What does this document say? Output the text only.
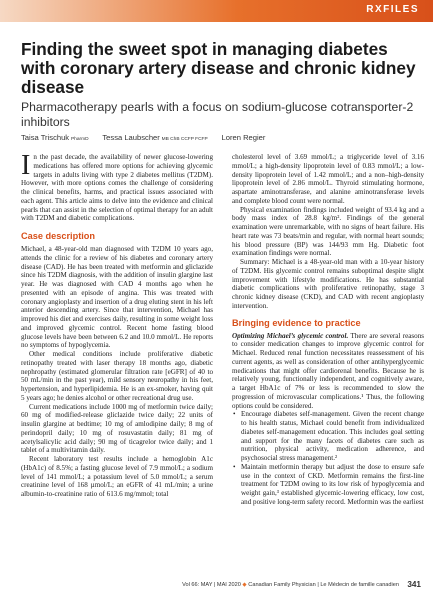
RXFILES
Finding the sweet spot in managing diabetes with coronary artery disease and chronic kidney disease

Pharmacotherapy pearls with a focus on sodium-glucose cotransporter-2 inhibitors

Taisa Trischuk PharmD Tessa Laubscher MB ChB CCFP FCFP Loren Regier

In the past decade, the availability of newer glucose-lowering medications has offered more options for achieving glycemic targets in adults living with type 2 diabetes mellitus (T2DM). However, with more options comes the challenge of considering the clinical benefits, harms, and practical issues associated with each agent. This article aims to delve into the evidence and clinical pearls that can assist in the selection of optimal therapy for an adult with T2DM and diabetic complications.

Case description

Michael, a 48-year-old man diagnosed with T2DM 10 years ago, attends the clinic for a review of his diabetes and coronary artery disease (CAD). He has been treated with metformin and gliclazide since his T2DM diagnosis, with the addition of insulin glargine last year. He was diagnosed with CAD 4 months ago when he presented with an episode of angina. This was treated with coronary angioplasty and insertion of a drug eluting stent in his left anterior descending artery. Since that intervention, Michael has improved his diet and exercises daily, resulting in some weight loss and improved glycemic control. Recent home fasting blood glucose levels have been between 6.2 and 10.0 mmol/L. He reports no symptoms of hypoglycemia.

Other medical conditions include proliferative diabetic retinopathy treated with laser therapy 18 months ago, diabetic nephropathy (estimated glomerular filtration rate [eGFR] of 40 to 50 mL/min in the past year), mild sensory neuropathy in his feet, hypertension, and hyperlipidemia. He is an ex-smoker, having quit 5 years ago; he denies alcohol or other recreational drug use.

Current medications include 1000 mg of metformin twice daily; 60 mg of modified-release gliclazide twice daily; 22 units of insulin glargine at bedtime; 10 mg of amlodipine daily; 8 mg of perindopril daily; 10 mg of rosuvastatin daily; 81 mg of acetylsalicylic acid daily; 90 mg of ticagrelor twice daily; and 1 tablet of a multivitamin daily.

Recent laboratory test results include a hemoglobin A1c (HbA1c) of 8.5%; a fasting glucose level of 7.9 mmol/L; a sodium level of 141 mmol/L; a potassium level of 5.0 mmol/L; a serum creatinine level of 168 µmol/L; an eGFR of 41 mL/min; a urine albumin-to-creatinine ratio of 613.6 mg/mmol; total

cholesterol level of 3.69 mmol/L; a triglyceride level of 3.16 mmol/L; a high-density lipoprotein level of 0.83 mmol/L; a low-density lipoprotein level of 1.42 mmol/L; and a non–high-density lipoprotein level of 2.86 mmol/L. Thyroid stimulating hormone, aspartate aminotransferase, and alanine aminotransferase levels and complete blood count were normal.

Physical examination findings included weight of 93.4 kg and a body mass index of 28.8 kg/m². Findings of the general examination were unremarkable, with no signs of heart failure. His heart rate was 73 beats/min and regular, with normal heart sounds; his blood pressure (BP) was 144/93 mm Hg. Diabetic foot examination findings were normal.

Summary: Michael is a 48-year-old man with a 10-year history of T2DM. His glycemic control remains suboptimal despite slight improvement with lifestyle modifications. He has substantial diabetic complications with proliferative retinopathy, stage 3 chronic kidney disease (CKD), and CAD with recent angioplasty intervention.

Bringing evidence to practice

Optimizing Michael’s glycemic control. There are several reasons to consider medication changes to improve glycemic control for Michael. Reduced renal function necessitates reassessment of his current agents, as well as consideration of other antihyperglycemic medications that might offer cardiorenal benefits. Because he is relatively young, functionally independent, and cognitively aware, a target HbA1c of 7% or less is recommended to slow the progression of microvascular complications.¹ Thus, the following options could be considered.

• Encourage diabetes self-management. Given the recent change to his health status, Michael could benefit from individualized diabetes self-management education. This includes goal setting and support for the many facets of diabetes care such as nutrition, physical activity, medication adherence, and psychosocial stress management.²
• Maintain metformin therapy but adjust the dose to ensure safe use in the context of CKD. Metformin remains the first-line treatment for T2DM owing to its low risk of hypoglycemia and weight gain,³ established glycemic-lowering efficacy, low cost, and positive long-term safety record. Metformin was the earliest
Vol 66: MAY | MAI 2020 ◆ Canadian Family Physician | Le Médecin de famille canadien 341
